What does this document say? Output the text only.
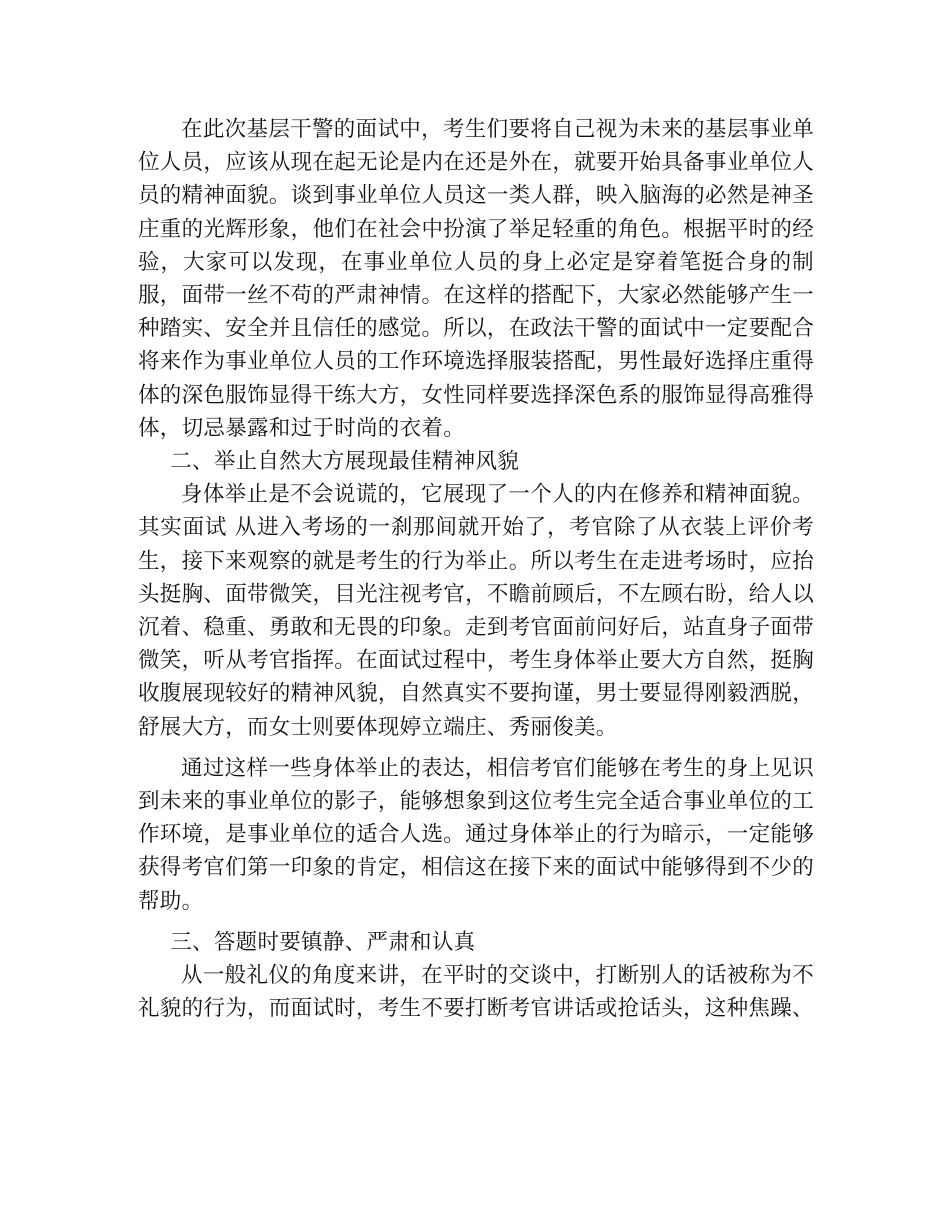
在此次基层干警的面试中，考生们要将自己视为未来的基层事业单位人员，应该从现在起无论是内在还是外在，就要开始具备事业单位人员的精神面貌。谈到事业单位人员这一类人群，映入脑海的必然是神圣庄重的光辉形象，他们在社会中扮演了举足轻重的角色。根据平时的经验，大家可以发现，在事业单位人员的身上必定是穿着笔挺合身的制服，面带一丝不苟的严肃神情。在这样的搭配下，大家必然能够产生一种踏实、安全并且信任的感觉。所以，在政法干警的面试中一定要配合将来作为事业单位人员的工作环境选择服装搭配，男性最好选择庄重得体的深色服饰显得干练大方，女性同样要选择深色系的服饰显得高雅得体，切忌暴露和过于时尚的衣着。

二、举止自然大方展现最佳精神风貌

身体举止是不会说谎的，它展现了一个人的内在修养和精神面貌。其实面试 从进入考场的一刹那间就开始了，考官除了从衣装上评价考生，接下来观察的就是考生的行为举止。所以考生在走进考场时，应抬头挺胸、面带微笑，目光注视考官，不瞻前顾后，不左顾右盼，给人以沉着、稳重、勇敢和无畏的印象。走到考官面前问好后，站直身子面带微笑，听从考官指挥。在面试过程中，考生身体举止要大方自然，挺胸收腹展现较好的精神风貌，自然真实不要拘谨，男士要显得刚毅洒脱，舒展大方，而女士则要体现婷立端庄、秀丽俊美。

通过这样一些身体举止的表达，相信考官们能够在考生的身上见识到未来的事业单位的影子，能够想象到这位考生完全适合事业单位的工作环境，是事业单位的适合人选。通过身体举止的行为暗示，一定能够获得考官们第一印象的肯定，相信这在接下来的面试中能够得到不少的帮助。

三、答题时要镇静、严肃和认真

从一般礼仪的角度来讲，在平时的交谈中，打断别人的话被称为不礼貌的行为，而面试时，考生不要打断考官讲话或抢话头，这种焦躁、
